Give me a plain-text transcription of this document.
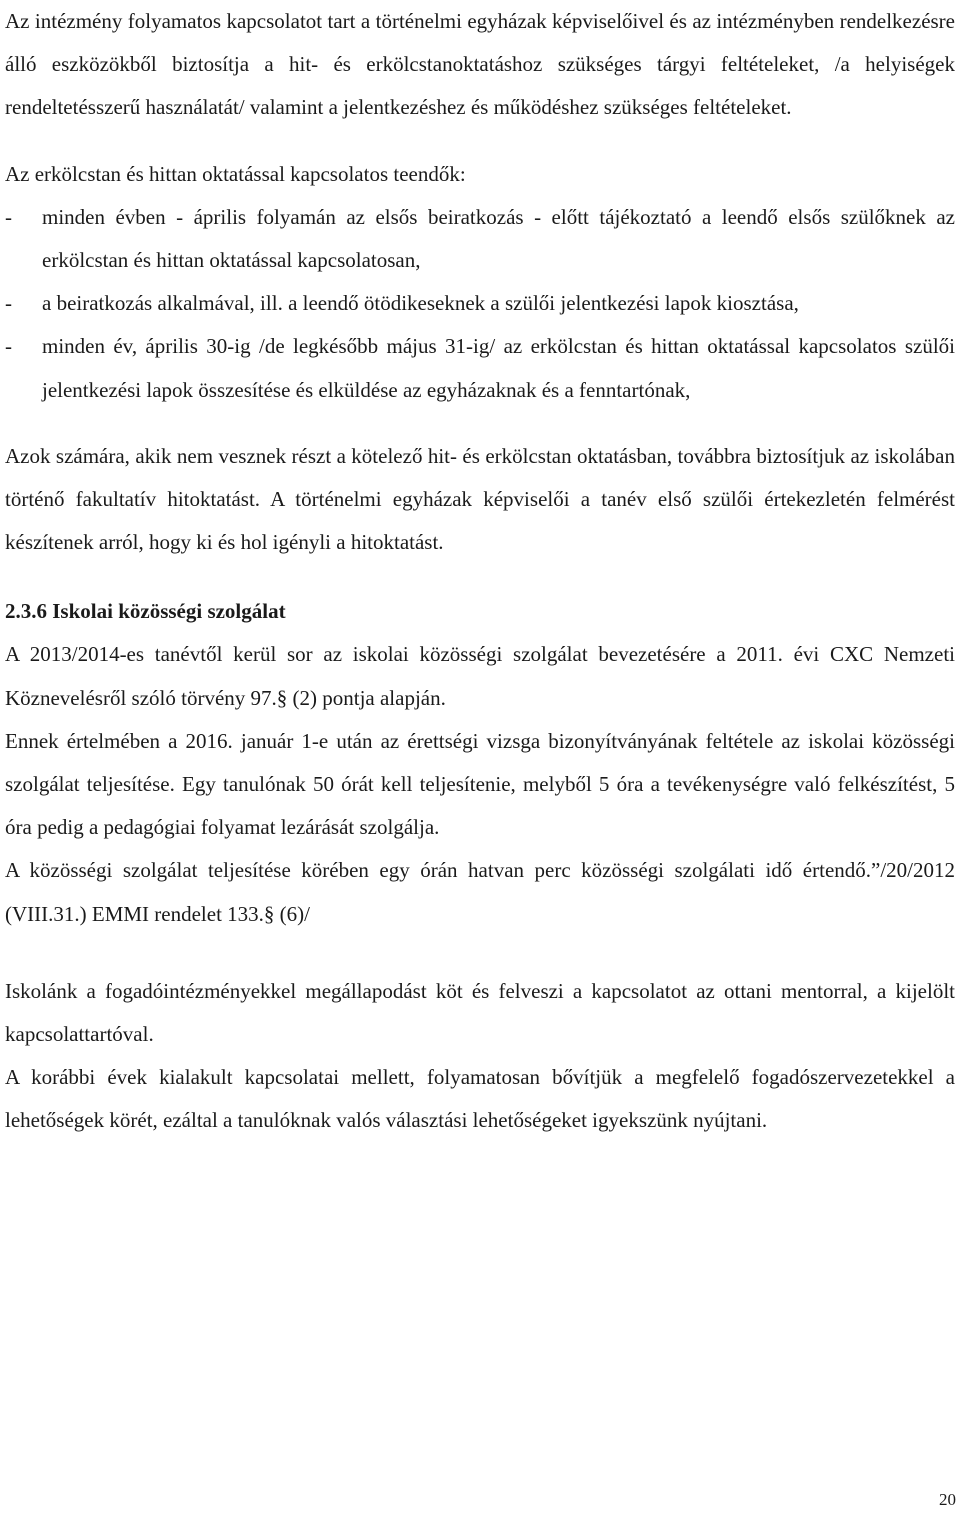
Az intézmény folyamatos kapcsolatot tart a történelmi egyházak képviselőivel és az intézményben rendelkezésre álló eszközökből biztosítja a hit- és erkölcstanoktatáshoz szükséges tárgyi feltételeket, /a helyiségek rendeltetésszerű használatát/ valamint a jelentkezéshez és működéshez szükséges feltételeket.

Az erkölcstan és hittan oktatással kapcsolatos teendők:

-	minden évben - április folyamán az elsős beiratkozás - előtt tájékoztató a leendő elsős szülőknek az erkölcstan és hittan oktatással kapcsolatosan,

-	a beiratkozás alkalmával, ill. a leendő ötödikeseknek a szülői jelentkezési lapok kiosztása,

-	minden év, április 30-ig /de legkésőbb május 31-ig/ az erkölcstan és hittan oktatással kapcsolatos szülői jelentkezési lapok összesítése és elküldése az egyházaknak és a fenntartónak,

Azok számára, akik nem vesznek részt a kötelező hit- és erkölcstan oktatásban, továbbra biztosítjuk az iskolában történő fakultatív hitoktatást. A történelmi egyházak képviselői a tanév első szülői értekezletén felmérést készítenek arról, hogy ki és hol igényli a hitoktatást.

2.3.6 Iskolai közösségi szolgálat

A 2013/2014-es tanévtől kerül sor az iskolai közösségi szolgálat bevezetésére a 2011. évi CXC Nemzeti Köznevelésről szóló törvény 97.§ (2) pontja alapján.

Ennek értelmében a 2016. január 1-e után az érettségi vizsga bizonyítványának feltétele az iskolai közösségi szolgálat teljesítése. Egy tanulónak 50 órát kell teljesítenie, melyből 5 óra a tevékenységre való felkészítést, 5 óra pedig a pedagógiai folyamat lezárását szolgálja.

A közösségi szolgálat teljesítése körében egy órán hatvan perc közösségi szolgálati idő értendő.”/20/2012 (VIII.31.) EMMI rendelet 133.§ (6)/

Iskolánk a fogadóintézményekkel megállapodást köt és felveszi a kapcsolatot az ottani mentorral, a kijelölt kapcsolattartóval.

A korábbi évek kialakult kapcsolatai mellett, folyamatosan bővítjük a megfelelő fogadószervezetekkel a lehetőségek körét, ezáltal a tanulóknak valós választási lehetőségeket igyekszünk nyújtani.

20
